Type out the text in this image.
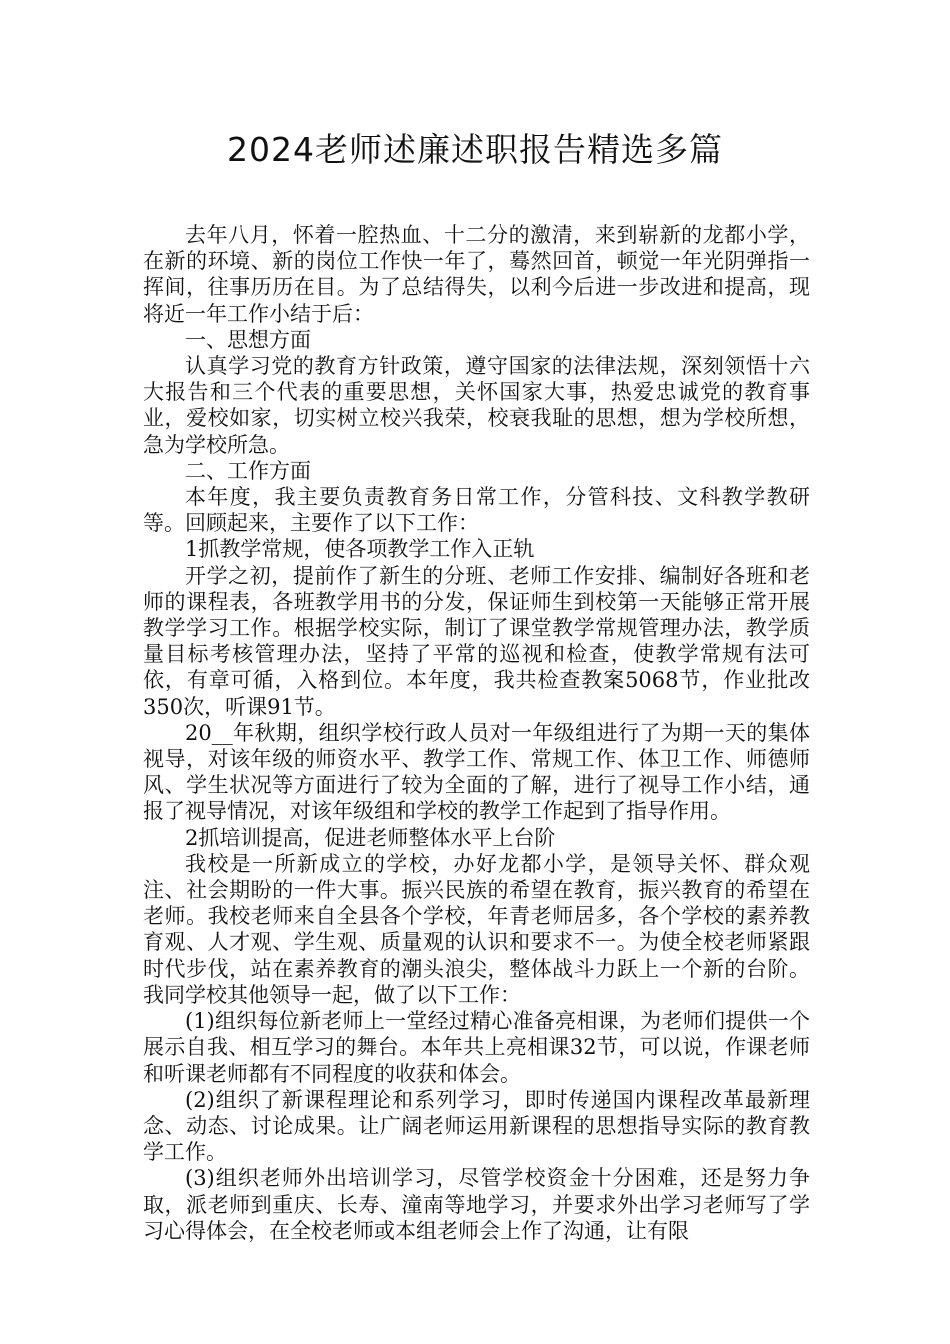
2024老师述廉述职报告精选多篇

去年八月，怀着一腔热血、十二分的激清，来到崭新的龙都小学，在新的环境、新的岗位工作快一年了，蓦然回首，顿觉一年光阴弹指一挥间，往事历历在目。为了总结得失，以利今后进一步改进和提高，现将近一年工作小结于后：

一、思想方面

认真学习党的教育方针政策，遵守国家的法律法规，深刻领悟十六大报告和三个代表的重要思想，关怀国家大事，热爱忠诚党的教育事业，爱校如家，切实树立校兴我荣，校衰我耻的思想，想为学校所想，急为学校所急。

二、工作方面

本年度，我主要负责教育务日常工作，分管科技、文科教学教研等。回顾起来，主要作了以下工作：

1抓教学常规，使各项教学工作入正轨

开学之初，提前作了新生的分班、老师工作安排、编制好各班和老师的课程表，各班教学用书的分发，保证师生到校第一天能够正常开展教学学习工作。根据学校实际，制订了课堂教学常规管理办法，教学质量目标考核管理办法，坚持了平常的巡视和检查，使教学常规有法可依，有章可循，入格到位。本年度，我共检查教案5068节，作业批改350次，听课91节。

20__年秋期，组织学校行政人员对一年级组进行了为期一天的集体视导，对该年级的师资水平、教学工作、常规工作、体卫工作、师德师风、学生状况等方面进行了较为全面的了解，进行了视导工作小结，通报了视导情况，对该年级组和学校的教学工作起到了指导作用。

2抓培训提高，促进老师整体水平上台阶

我校是一所新成立的学校，办好龙都小学，是领导关怀、群众观注、社会期盼的一件大事。振兴民族的希望在教育，振兴教育的希望在老师。我校老师来自全县各个学校，年青老师居多，各个学校的素养教育观、人才观、学生观、质量观的认识和要求不一。为使全校老师紧跟时代步伐，站在素养教育的潮头浪尖，整体战斗力跃上一个新的台阶。我同学校其他领导一起，做了以下工作：

(1)组织每位新老师上一堂经过精心准备亮相课，为老师们提供一个展示自我、相互学习的舞台。本年共上亮相课32节，可以说，作课老师和听课老师都有不同程度的收获和体会。

(2)组织了新课程理论和系列学习，即时传递国内课程改革最新理念、动态、讨论成果。让广阔老师运用新课程的思想指导实际的教育教学工作。

(3)组织老师外出培训学习，尽管学校资金十分困难，还是努力争取，派老师到重庆、长寿、潼南等地学习，并要求外出学习老师写了学习心得体会，在全校老师或本组老师会上作了沟通，让有限
